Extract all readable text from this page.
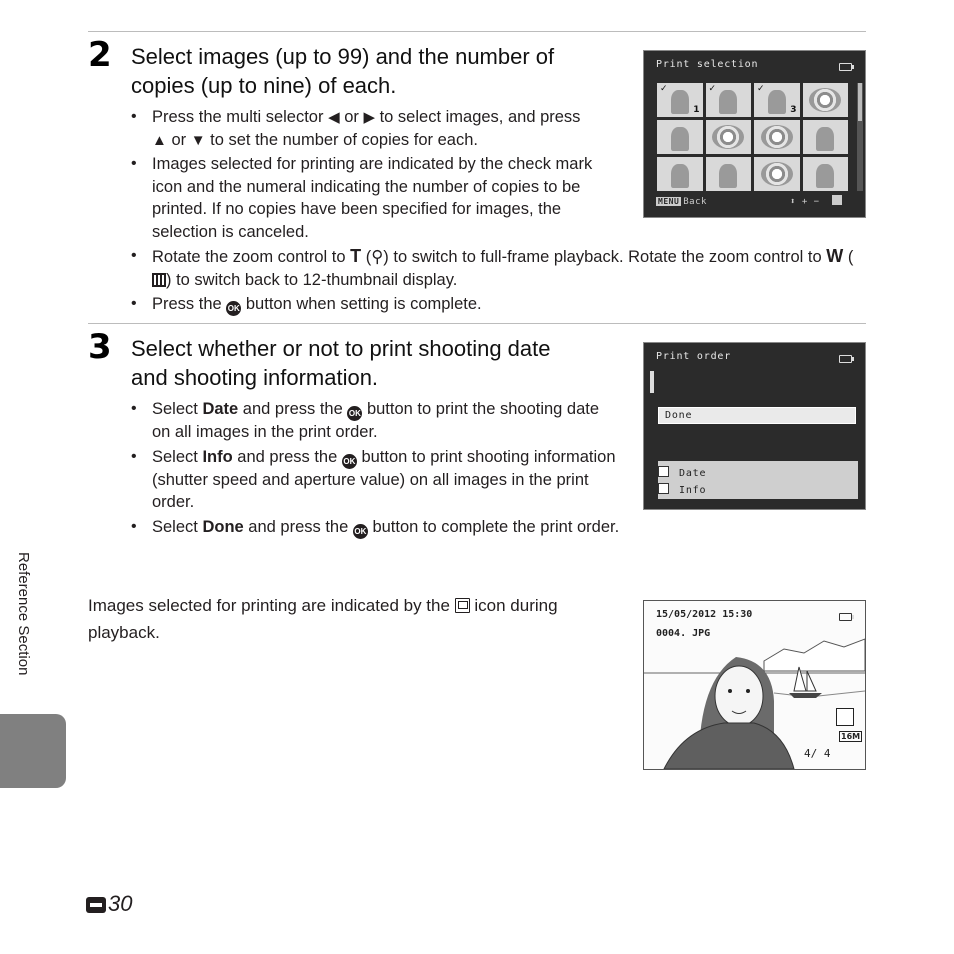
2 Select images (up to 99) and the number of
copies (up to nine) of each.
• Press the multi selector ◀ or ▶ to select images, and press
▲ or ▼ to set the number of copies for each.
• Images selected for printing are indicated by the check mark icon and the numeral indicating the number of copies to be printed. If no copies have been specified for images, the selection is canceled.
• Rotate the zoom control to T (⚲) to switch to full-frame playback. Rotate the zoom control to W () to switch back to 12-thumbnail display.
• Press the OK button when setting is complete.
Print selection
✓
1
✓	✓
3
MENU Back	⬍ + −
3 Select whether or not to print shooting date
and shooting information.
• Select Date and press the OK button to print the shooting date on all images in the print order.
• Select Info and press the OK button to print shooting information (shutter speed and aperture value) on all images in the print order.
• Select Done and press the OK button to complete the print order.
Print order
Done
Date
Info
Images selected for printing are indicated by the  icon during playback.
15/05/2012 15:30
0004. JPG
16M
4/ 4
Reference Section
30
